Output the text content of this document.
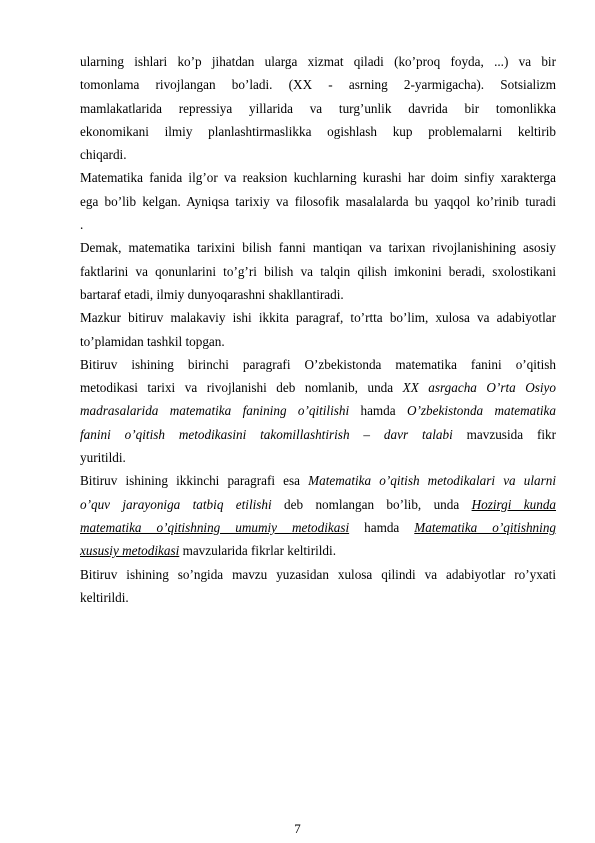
ularning ishlari ko’p jihatdan ularga xizmat qiladi (ko’proq foyda, ...) va bir
tomonlama rivojlangan bo’ladi. (XX - asrning 2-yarmigacha). Sotsializm
mamlakatlarida repressiya yillarida va turg’unlik davrida bir tomonlikka
ekonomikani ilmiy planlashtirmaslikka ogishlash kup problemalarni keltirib
chiqardi.
Matematika fanida ilg’or va reaksion kuchlarning kurashi har doim sinfiy xarakterga
ega bo’lib kelgan. Ayniqsa tarixiy va filosofik masalalarda bu yaqqol ko’rinib turadi
.
Demak, matematika tarixini bilish fanni mantiqan va tarixan rivojlanishining asosiy
faktlarini va qonunlarini to’g’ri bilish va talqin qilish imkonini beradi, sxolostikani
bartaraf etadi, ilmiy dunyoqarashni shakllantiradi.
Mazkur bitiruv malakaviy ishi ikkita paragraf, to’rtta bo’lim, xulosa va adabiyotlar
to’plamidan tashkil topgan.
Bitiruv ishining birinchi paragrafi O’zbekistonda matematika fanini o’qitish
metodikasi tarixi va rivojlanishi deb nomlanib, unda XX asrgacha O’rta Osiyo
madrasalarida matematika fanining o’qitilishi hamda O’zbekistonda matematika
fanini o’qitish metodikasini takomillashtirish – davr talabi mavzusida fikr
yuritildi.
Bitiruv ishining ikkinchi paragrafi esa Matematika o’qitish metodikalari va ularni
o’quv jarayoniga tatbiq etilishi deb nomlangan bo’lib, unda Hozirgi kunda
matematika o’qitishning umumiy metodikasi hamda Matematika o’qitishning
xususiy metodikasi mavzularida fikrlar keltirildi.
Bitiruv ishining so’ngida mavzu yuzasidan xulosa qilindi va adabiyotlar ro’yxati
keltirildi.
7
